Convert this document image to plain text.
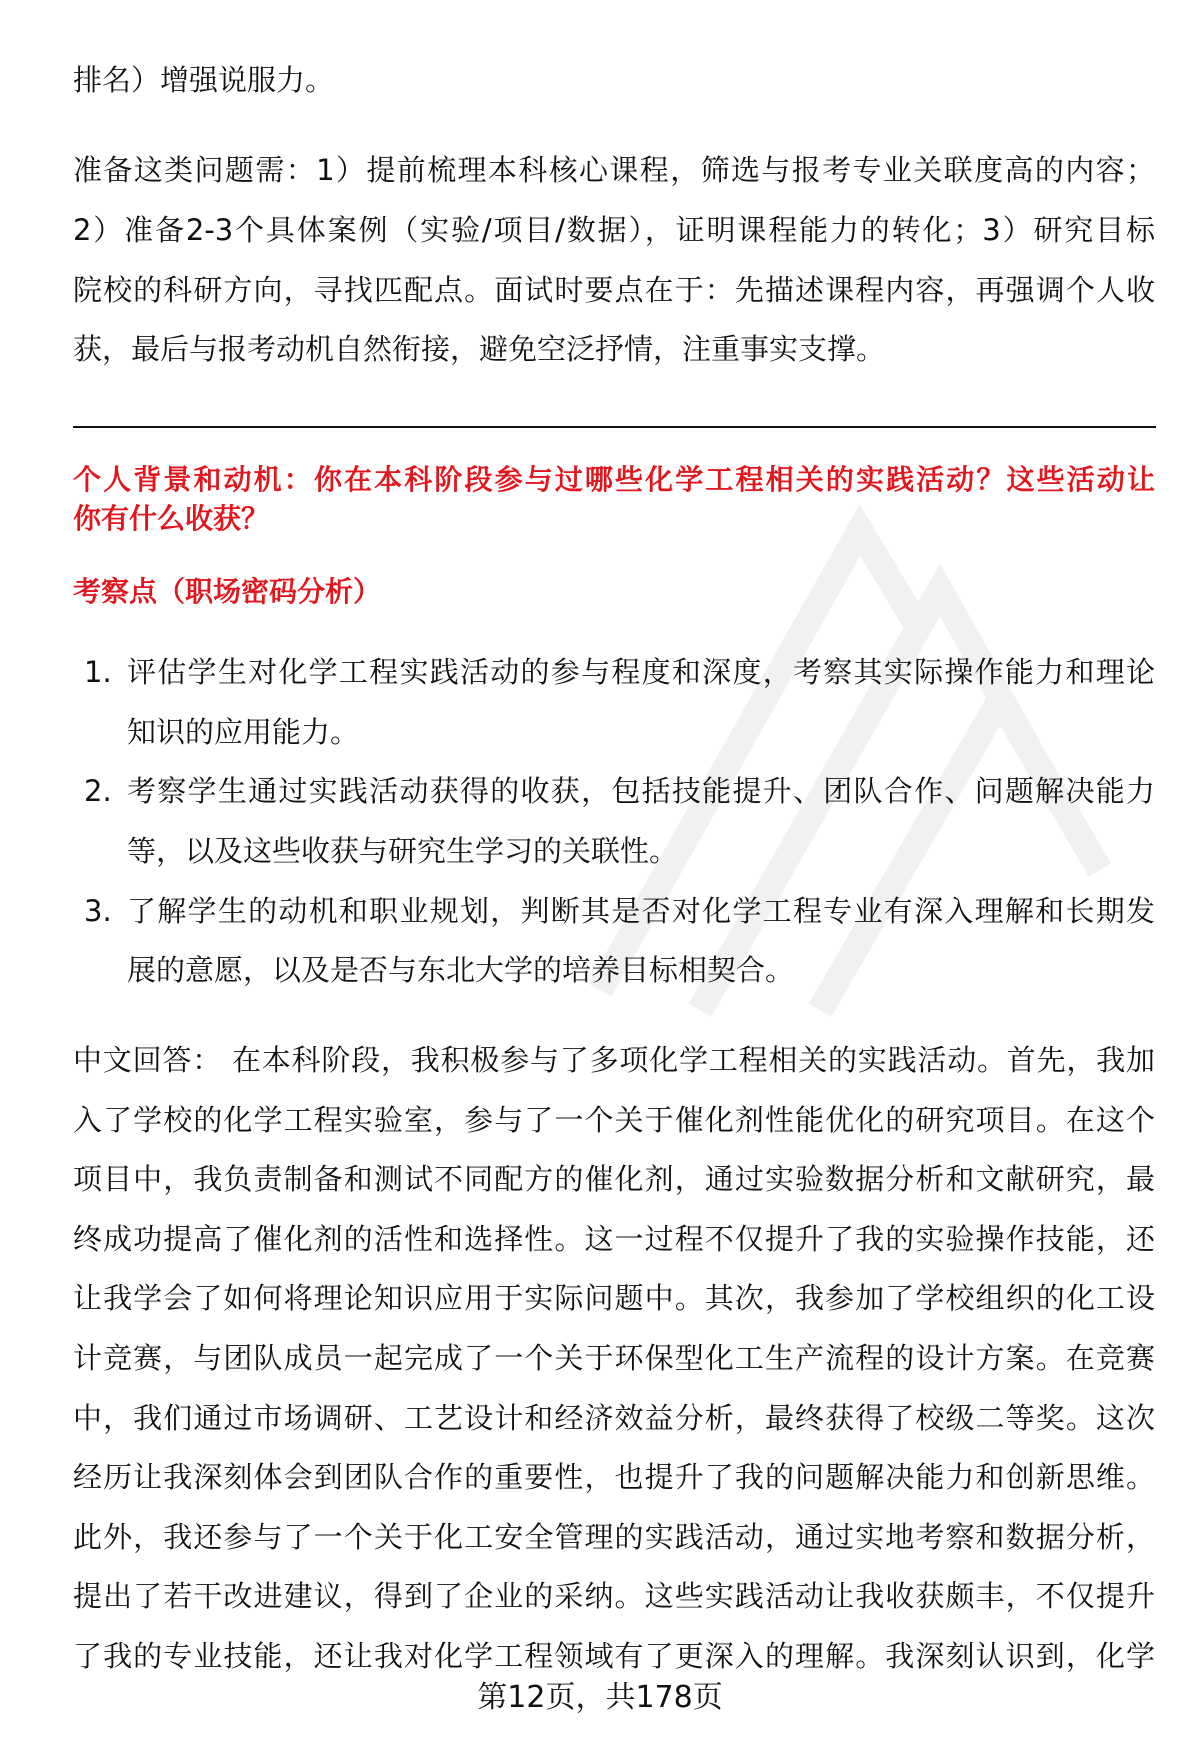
排名）增强说服力。
准备这类问题需：1）提前梳理本科核心课程，筛选与报考专业关联度高的内容；
2）准备2-3个具体案例（实验/项目/数据），证明课程能力的转化；3）研究目标
院校的科研方向，寻找匹配点。面试时要点在于：先描述课程内容，再强调个人收
获，最后与报考动机自然衔接，避免空泛抒情，注重事实支撑。
个人背景和动机：你在本科阶段参与过哪些化学工程相关的实践活动？这些活动让
你有什么收获？
考察点（职场密码分析）
1. 评估学生对化学工程实践活动的参与程度和深度，考察其实际操作能力和理论
知识的应用能力。
2. 考察学生通过实践活动获得的收获，包括技能提升、团队合作、问题解决能力
等，以及这些收获与研究生学习的关联性。
3. 了解学生的动机和职业规划，判断其是否对化学工程专业有深入理解和长期发
展的意愿，以及是否与东北大学的培养目标相契合。
中文回答： 在本科阶段，我积极参与了多项化学工程相关的实践活动。首先，我加
入了学校的化学工程实验室，参与了一个关于催化剂性能优化的研究项目。在这个
项目中，我负责制备和测试不同配方的催化剂，通过实验数据分析和文献研究，最
终成功提高了催化剂的活性和选择性。这一过程不仅提升了我的实验操作技能，还
让我学会了如何将理论知识应用于实际问题中。其次，我参加了学校组织的化工设
计竞赛，与团队成员一起完成了一个关于环保型化工生产流程的设计方案。在竞赛
中，我们通过市场调研、工艺设计和经济效益分析，最终获得了校级二等奖。这次
经历让我深刻体会到团队合作的重要性，也提升了我的问题解决能力和创新思维。
此外，我还参与了一个关于化工安全管理的实践活动，通过实地考察和数据分析，
提出了若干改进建议，得到了企业的采纳。这些实践活动让我收获颇丰，不仅提升
了我的专业技能，还让我对化学工程领域有了更深入的理解。我深刻认识到，化学
第12页，共178页
